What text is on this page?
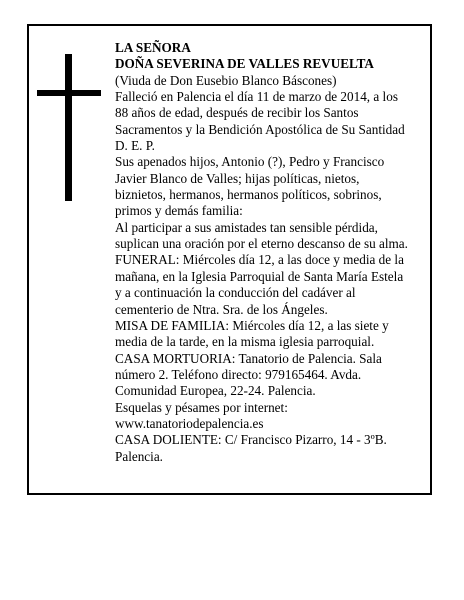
LA SEÑORA
DOÑA SEVERINA DE VALLES REVUELTA
(Viuda de Don Eusebio Blanco Báscones)
Falleció en Palencia el día 11 de marzo de 2014, a los
88 años de edad, después de recibir los Santos
Sacramentos y la Bendición Apostólica de Su Santidad
D. E. P.
Sus apenados hijos, Antonio (?), Pedro y Francisco
Javier Blanco de Valles; hijas políticas, nietos,
biznietos, hermanos, hermanos políticos, sobrinos,
primos y demás familia:
Al participar a sus amistades tan sensible pérdida,
suplican una oración por el eterno descanso de su alma.
FUNERAL: Miércoles día 12, a las doce y media de la
mañana, en la Iglesia Parroquial de Santa María Estela
y a continuación la conducción del cadáver al
cementerio de Ntra. Sra. de los Ángeles.
MISA DE FAMILIA: Miércoles día 12, a las siete y
media de la tarde, en la misma iglesia parroquial.
CASA MORTUORIA: Tanatorio de Palencia. Sala
número 2. Teléfono directo: 979165464. Avda.
Comunidad Europea, 22-24. Palencia.
Esquelas y pésames por internet:
www.tanatoriodepalencia.es
CASA DOLIENTE: C/ Francisco Pizarro, 14 - 3ºB.
Palencia.
